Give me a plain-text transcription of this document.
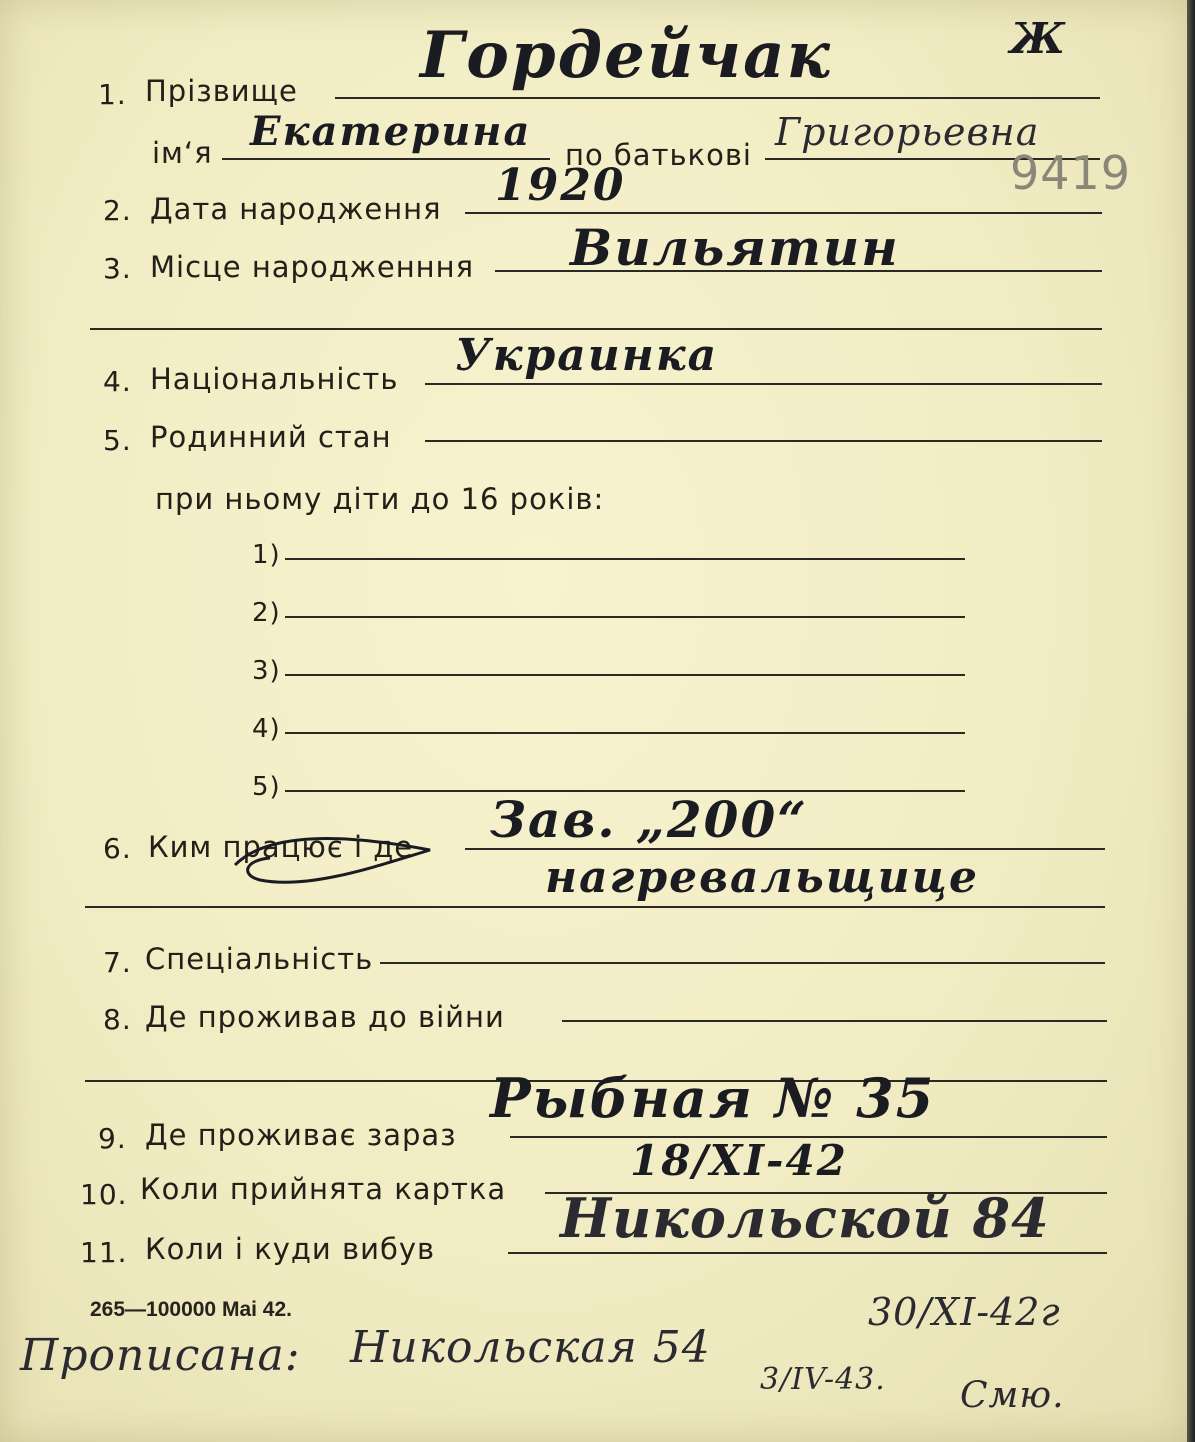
1. Прізвище Гордейчак	Ж
ім‘я Екатерина по батькові
Григорьевна
9419
2. Дата народження 1920
3. Місце народженння Вильятин
4. Національність Украинка
5. Родинний стан
при ньому діти до 16 років:
1)
2)
3)
4)
5)
6. Ким працює і де Зав. „200“
нагревальщице
7. Спеціальність
8. Де проживав до війни
9. Де проживає зараз
Рыбная № 35
10. Коли прийнята картка
18/XI-42
11. Коли і куди вибув Никольской 84
265—100000 Mai 42.
Прописана: Никольская 54
30/XI-42г
3/IV-43. Смю.
